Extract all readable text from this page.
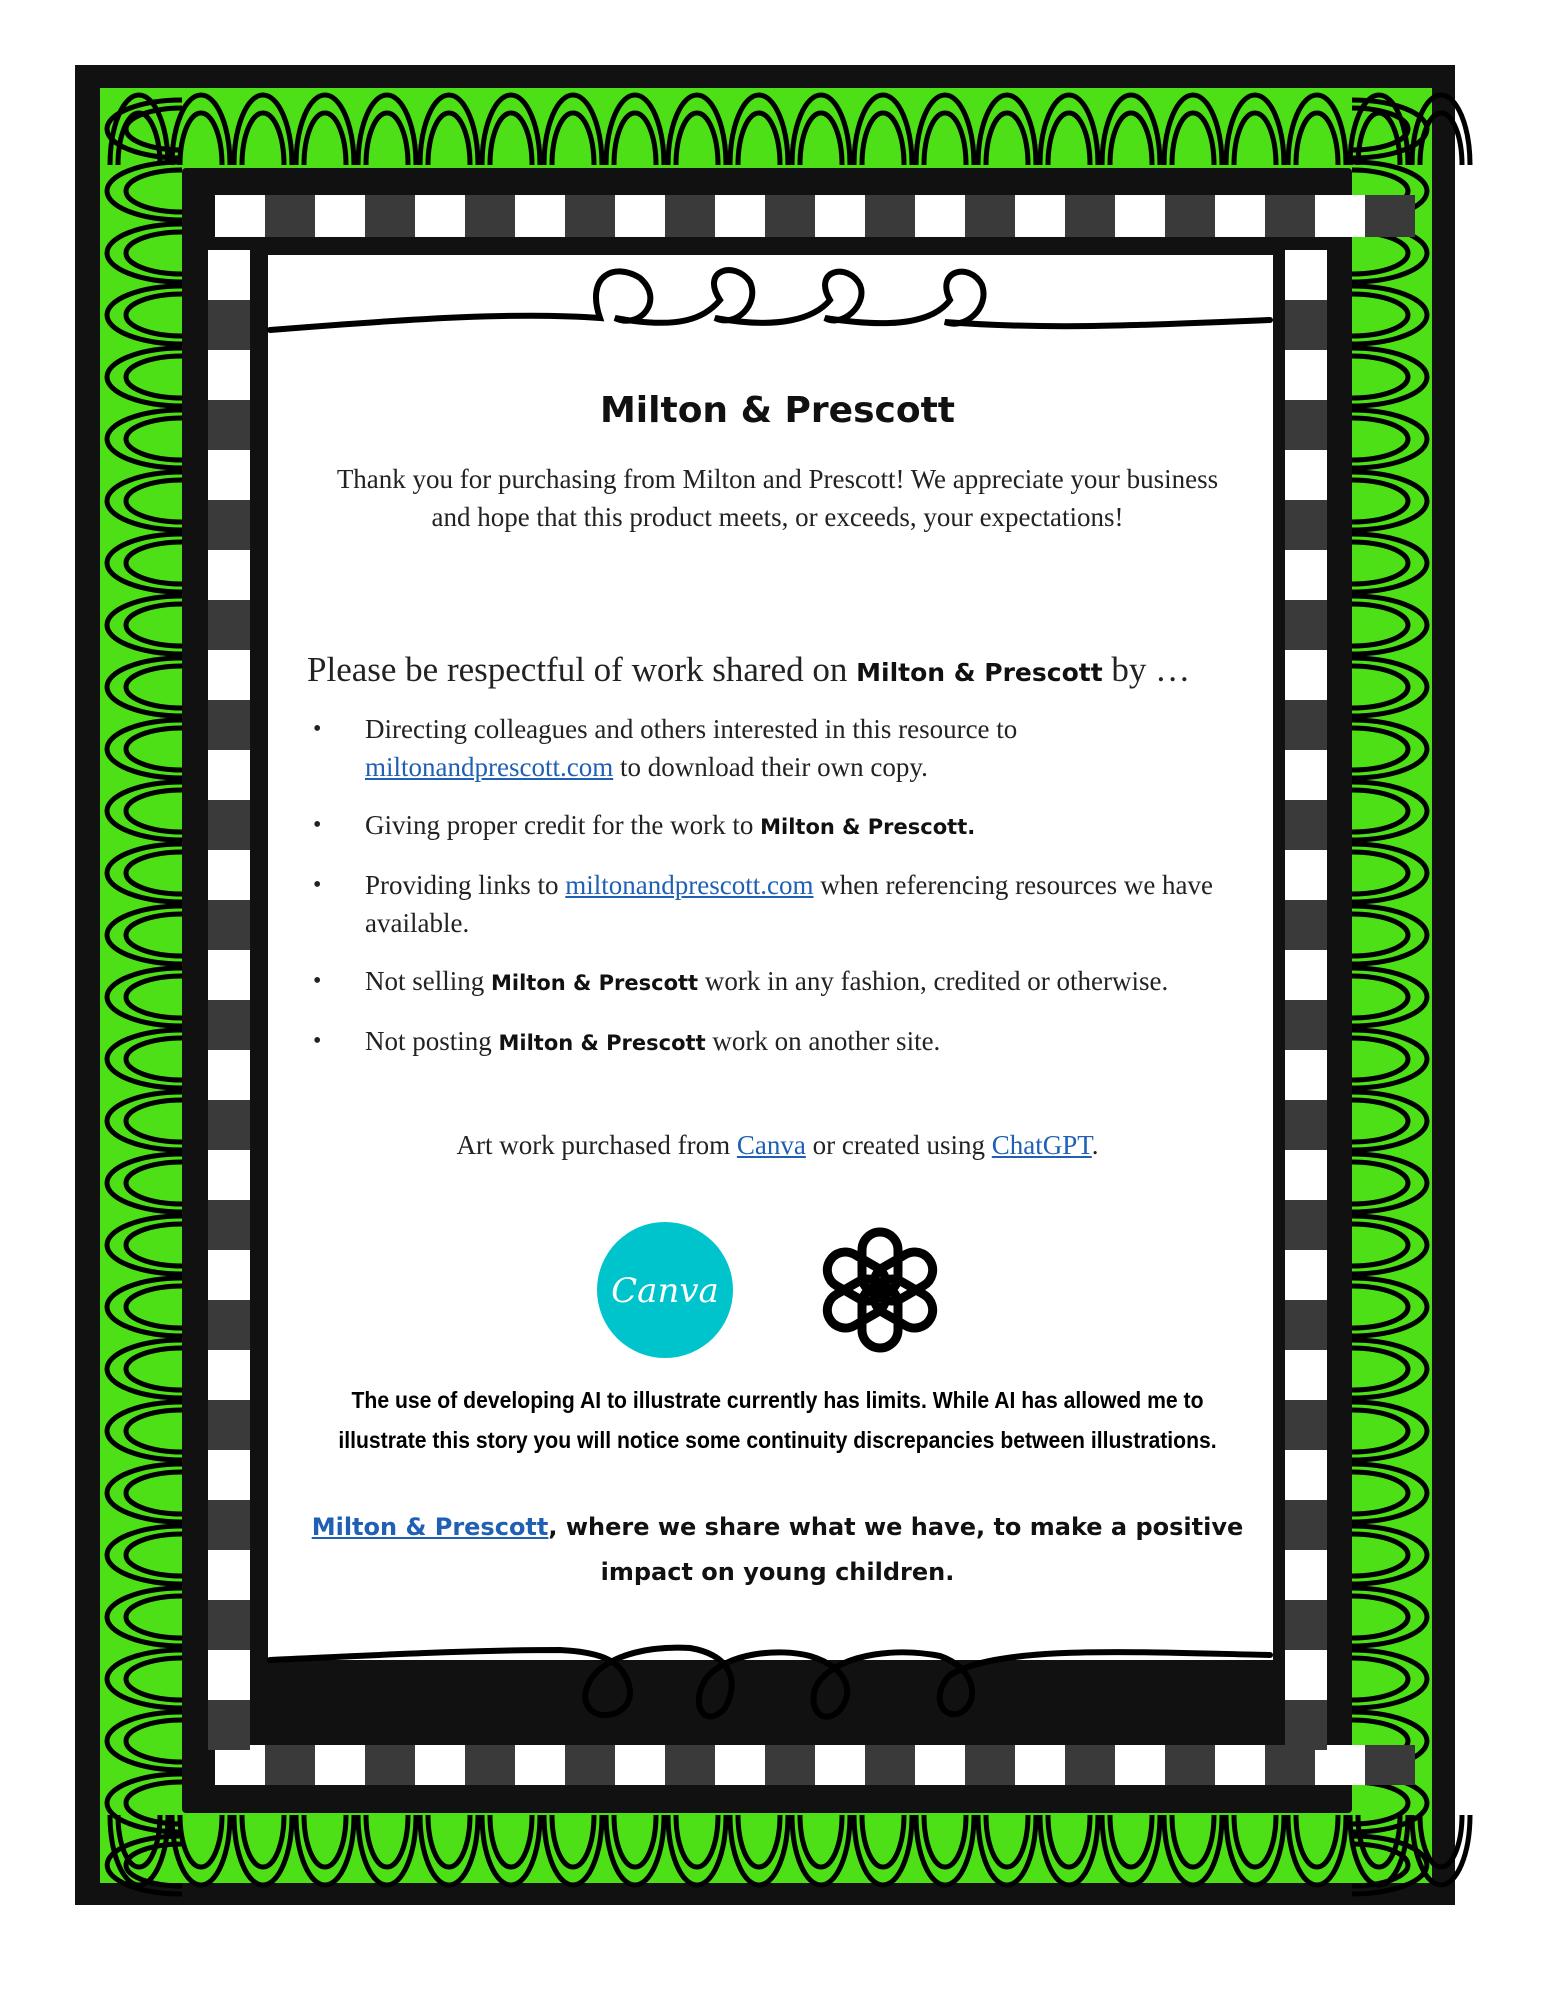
Milton & Prescott
Thank you for purchasing from Milton and Prescott! We appreciate your business and hope that this product meets, or exceeds, your expectations!
Please be respectful of work shared on Milton & Prescott by …
• Directing colleagues and others interested in this resource to miltonandprescott.com to download their own copy.
• Giving proper credit for the work to Milton & Prescott.
• Providing links to miltonandprescott.com when referencing resources we have available.
• Not selling Milton & Prescott work in any fashion, credited or otherwise.
• Not posting Milton & Prescott work on another site.
Art work purchased from Canva or created using ChatGPT.
Canva
The use of developing AI to illustrate currently has limits. While AI has allowed me to illustrate this story you will notice some continuity discrepancies between illustrations.
Milton & Prescott, where we share what we have, to make a positive impact on young children.
